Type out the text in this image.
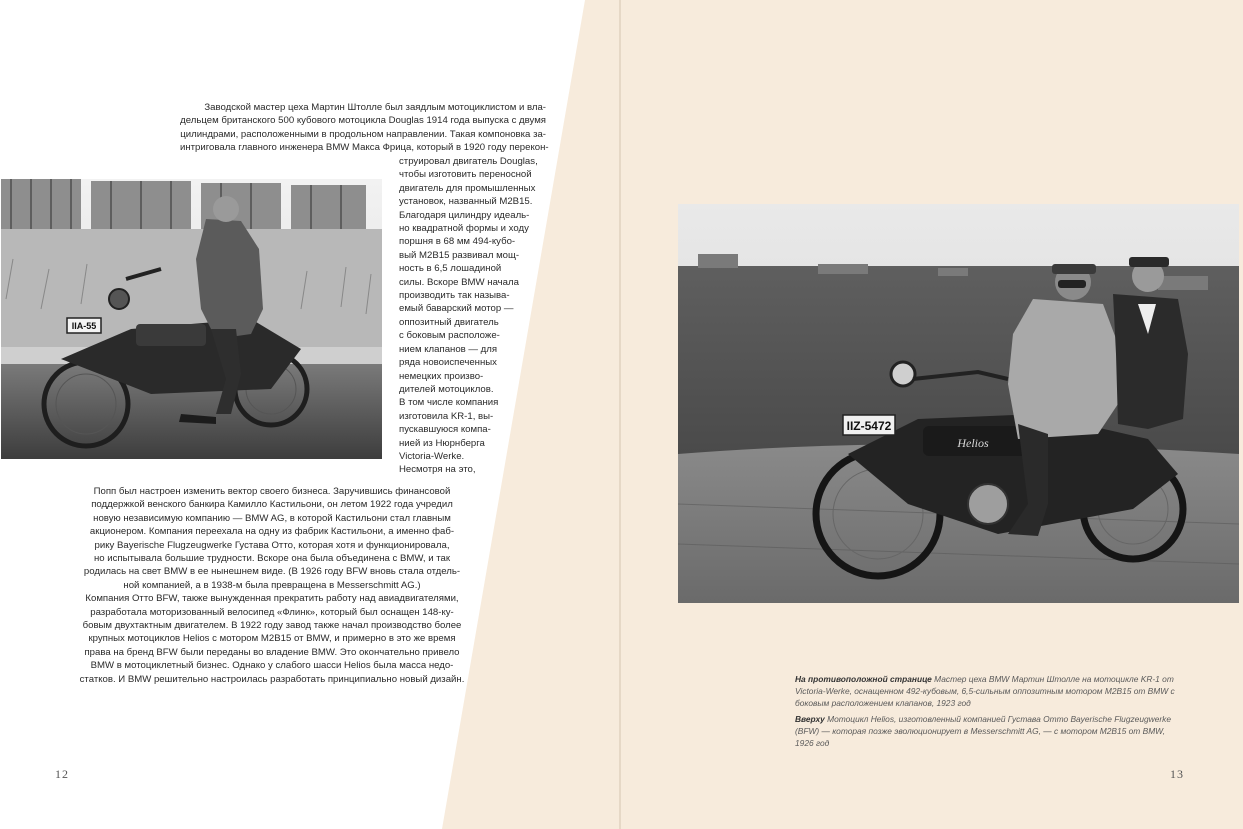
Заводской мастер цеха Мартин Штолле был заядлым мотоциклистом и вла-
дельцем британского 500 кубового мотоцикла Douglas 1914 года выпуска с двумя
цилиндрами, расположенными в продольном направлении. Такая компоновка за-
интриговала главного инженера BMW Макса Фрица, который в 1920 году перекон-
IIA-55
струировал двигатель Douglas,
чтобы изготовить переносной
двигатель для промышленных
установок, названный M2B15.
Благодаря цилиндру идеаль-
но квадратной формы и ходу
поршня в 68 мм 494-кубо-
вый M2B15 развивал мощ-
ность в 6,5 лошадиной
силы. Вскоре BMW начала
производить так называ-
емый баварский мотор —
оппозитный двигатель
с боковым расположе-
нием клапанов — для
ряда новоиспеченных
немецких произво-
дителей мотоциклов.
В том числе компания
изготовила KR-1, вы-
пускавшуюся компа-
нией из Нюрнберга
Victoria-Werke.
Несмотря на это,
Попп был настроен изменить вектор своего бизнеса. Заручившись финансовой
поддержкой венского банкира Камилло Кастильони, он летом 1922 года учредил
новую независимую компанию — BMW AG, в которой Кастильони стал главным
акционером. Компания переехала на одну из фабрик Кастильони, а именно фаб-
рику Bayerische Flugzeugwerke Густава Отто, которая хотя и функционировала,
но испытывала большие трудности. Вскоре она была объединена с BMW, и так
родилась на свет BMW в ее нынешнем виде. (В 1926 году BFW вновь стала отдель-
ной компанией, а в 1938-м была превращена в Messerschmitt AG.)
Компания Отто BFW, также вынужденная прекратить работу над авиадвигателями,
разработала моторизованный велосипед «Флинк», который был оснащен 148-ку-
бовым двухтактным двигателем. В 1922 году завод также начал производство более
крупных мотоциклов Helios с мотором M2B15 от BMW, и примерно в это же время
права на бренд BFW были переданы во владение BMW. Это окончательно привело
BMW в мотоциклетный бизнес. Однако у слабого шасси Helios была масса недо-
статков. И BMW решительно настроилась разработать принципиально новый дизайн.
12
Helios
IIZ-5472
На противоположной странице Мастер цеха BMW Мартин Штолле на мотоцикле KR-1 от Victoria-Werke, оснащенном 492-кубовым, 6,5-сильным оппозитным мотором M2B15 от BMW с боковым расположением клапанов, 1923 год
Вверху Мотоцикл Helios, изготовленный компанией Густава Отто Bayerische Flugzeugwerke (BFW) — которая позже эволюционирует в Messerschmitt AG, — с мотором M2B15 от BMW, 1926 год
13
